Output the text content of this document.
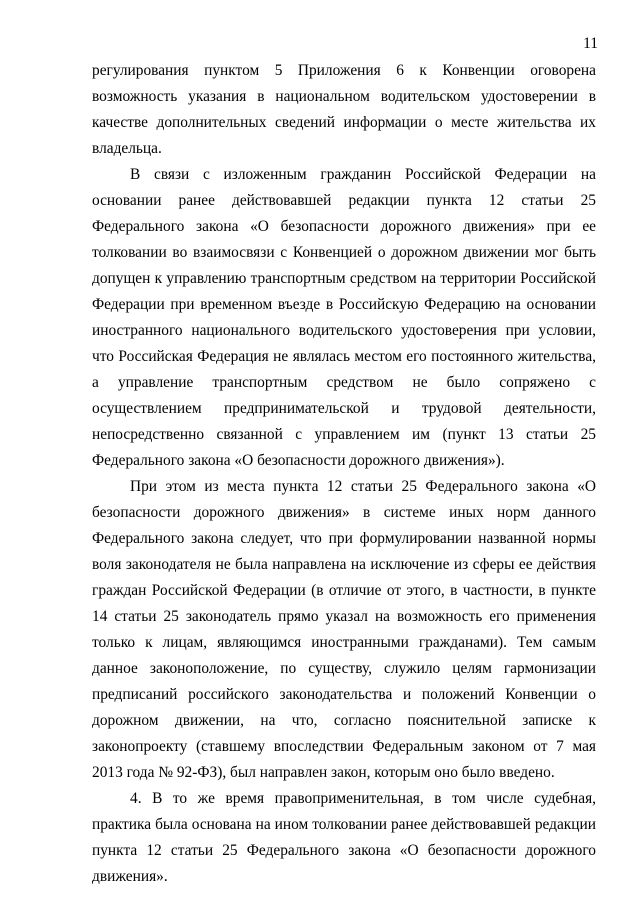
11

регулирования пунктом 5 Приложения 6 к Конвенции оговорена возможность указания в национальном водительском удостоверении в качестве дополнительных сведений информации о месте жительства их владельца.

В связи с изложенным гражданин Российской Федерации на основании ранее действовавшей редакции пункта 12 статьи 25 Федерального закона «О безопасности дорожного движения» при ее толковании во взаимосвязи с Конвенцией о дорожном движении мог быть допущен к управлению транспортным средством на территории Российской Федерации при временном въезде в Российскую Федерацию на основании иностранного национального водительского удостоверения при условии, что Российская Федерация не являлась местом его постоянного жительства, а управление транспортным средством не было сопряжено с осуществлением предпринимательской и трудовой деятельности, непосредственно связанной с управлением им (пункт 13 статьи 25 Федерального закона «О безопасности дорожного движения»).

При этом из места пункта 12 статьи 25 Федерального закона «О безопасности дорожного движения» в системе иных норм данного Федерального закона следует, что при формулировании названной нормы воля законодателя не была направлена на исключение из сферы ее действия граждан Российской Федерации (в отличие от этого, в частности, в пункте 14 статьи 25 законодатель прямо указал на возможность его применения только к лицам, являющимся иностранными гражданами). Тем самым данное законоположение, по существу, служило целям гармонизации предписаний российского законодательства и положений Конвенции о дорожном движении, на что, согласно пояснительной записке к законопроекту (ставшему впоследствии Федеральным законом от 7 мая 2013 года № 92-ФЗ), был направлен закон, которым оно было введено.

4. В то же время правоприменительная, в том числе судебная, практика была основана на ином толковании ранее действовавшей редакции пункта 12 статьи 25 Федерального закона «О безопасности дорожного движения».
